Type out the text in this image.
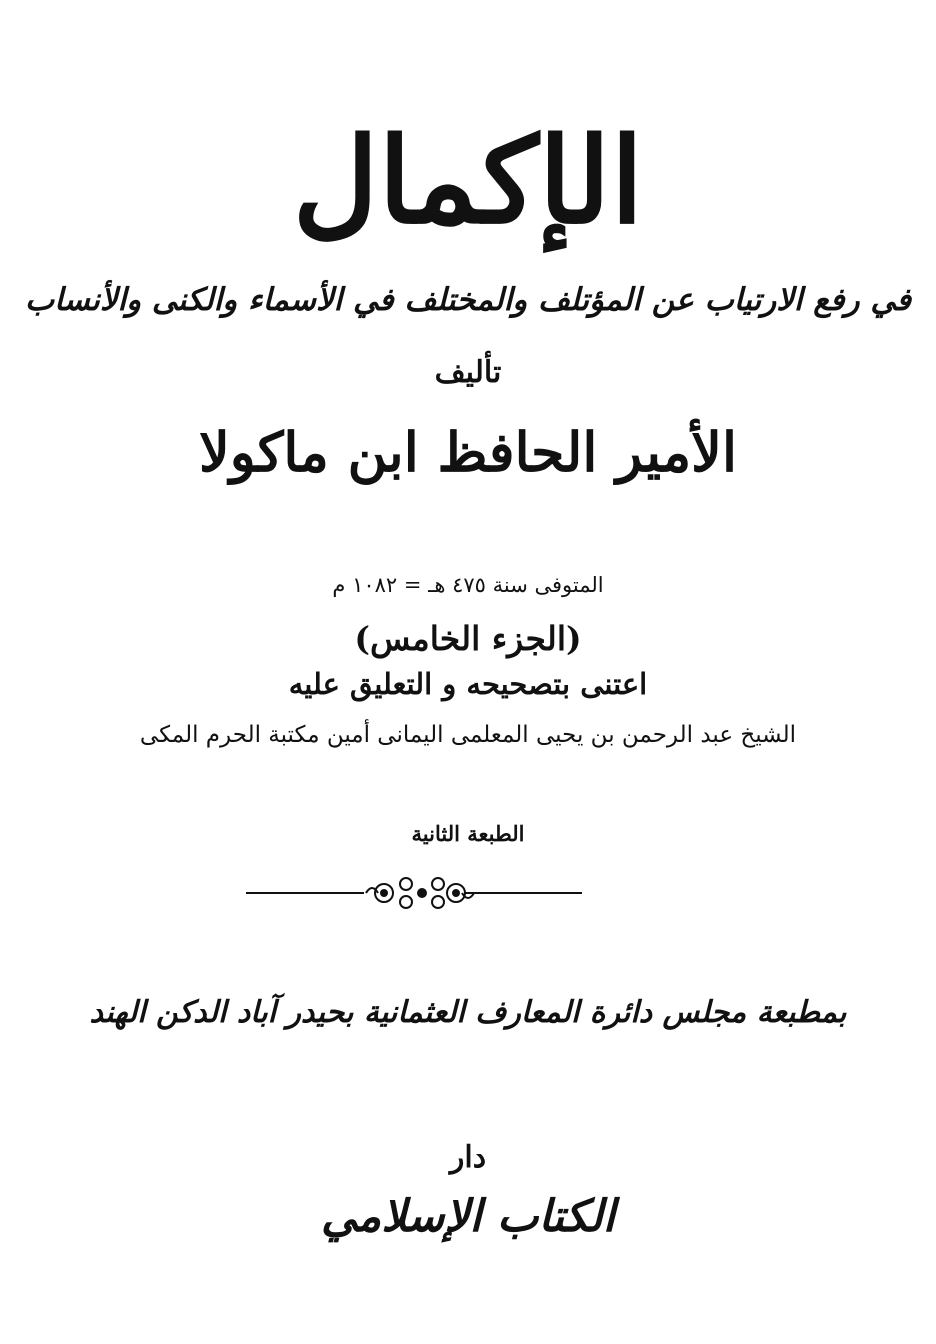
الإكمال
في رفع الارتياب عن المؤتلف والمختلف في الأسماء والكنى والأنساب
تأليف
الأمير الحافظ ابن ماكولا
المتوفى سنة ٤٧٥ هـ = ١٠٨٢ م
(الجزء الخامس)
اعتنى بتصحيحه و التعليق عليه
الشيخ عبد الرحمن بن يحيى المعلمى اليمانى أمين مكتبة الحرم المكى
الطبعة الثانية
بمطبعة مجلس دائرة المعارف العثمانية بحيدر آباد الدكن الهند
دار
الكتاب الإسلامي
